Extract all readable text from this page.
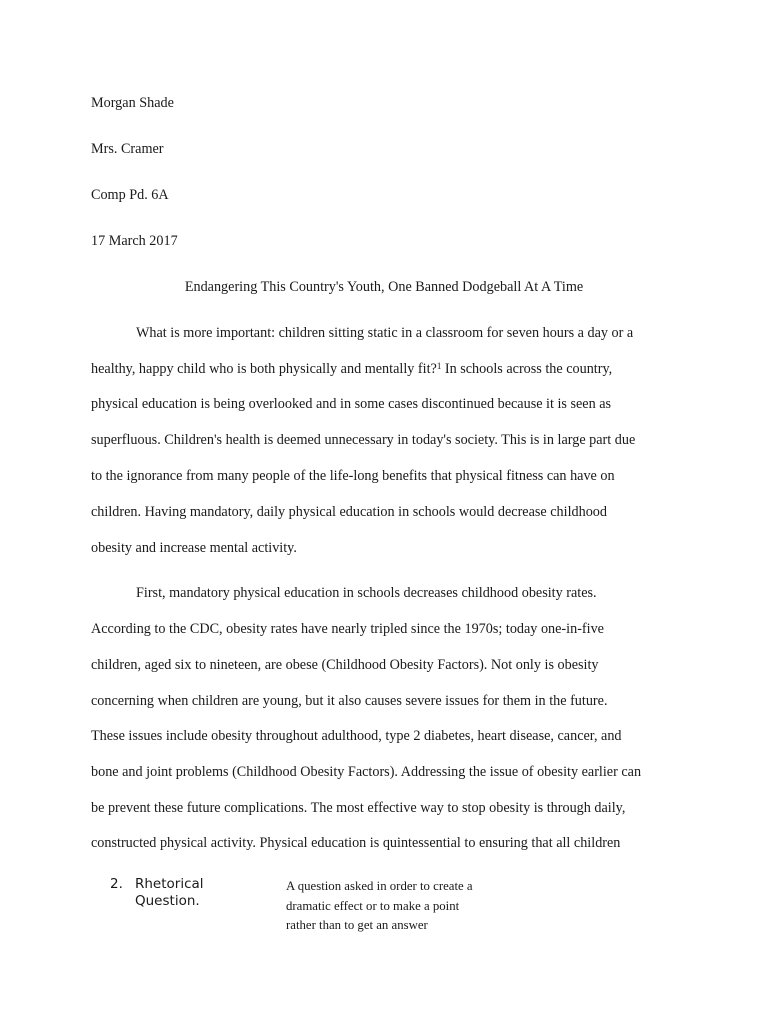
Morgan Shade
Mrs. Cramer
Comp Pd. 6A
17 March 2017
Endangering This Country's Youth, One Banned Dodgeball At A Time
What is more important: children sitting static in a classroom for seven hours a day or a
healthy, happy child who is both physically and mentally fit?$^1$ In schools across the country,
physical education is being overlooked and in some cases discontinued because it is seen as
superfluous. Children's health is deemed unnecessary in today's society. This is in large part due
to the ignorance from many people of the life-long benefits that physical fitness can have on
children. Having mandatory, daily physical education in schools would decrease childhood
obesity and increase mental activity.
First, mandatory physical education in schools decreases childhood obesity rates.
According to the CDC, obesity rates have nearly tripled since the 1970s; today one-in-five
children, aged six to nineteen, are obese (Childhood Obesity Factors). Not only is obesity
concerning when children are young, but it also causes severe issues for them in the future.
These issues include obesity throughout adulthood, type 2 diabetes, heart disease, cancer, and
bone and joint problems (Childhood Obesity Factors). Addressing the issue of obesity earlier can
be prevent these future complications. The most effective way to stop obesity is through daily,
constructed physical activity. Physical education is quintessential to ensuring that all children
2. Rhetorical Question.
A question asked in order to create a dramatic effect or to make a point rather than to get an answer
